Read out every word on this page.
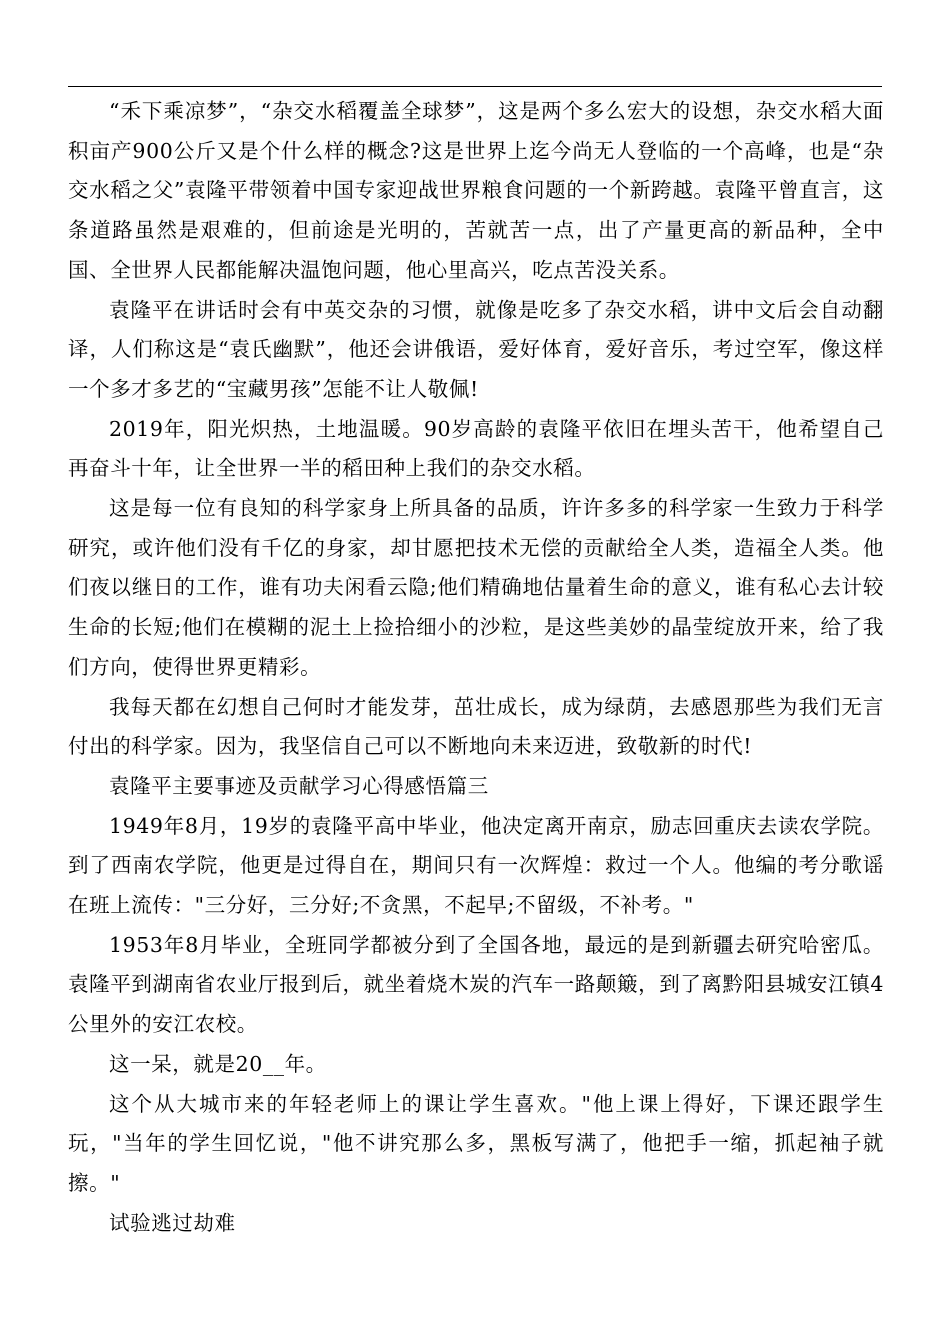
“禾下乘凉梦”，“杂交水稻覆盖全球梦”，这是两个多么宏大的设想，杂交水稻大面积亩产900公斤又是个什么样的概念?这是世界上迄今尚无人登临的一个高峰，也是“杂交水稻之父”袁隆平带领着中国专家迎战世界粮食问题的一个新跨越。袁隆平曾直言，这条道路虽然是艰难的，但前途是光明的，苦就苦一点，出了产量更高的新品种，全中国、全世界人民都能解决温饱问题，他心里高兴，吃点苦没关系。

袁隆平在讲话时会有中英交杂的习惯，就像是吃多了杂交水稻，讲中文后会自动翻译，人们称这是“袁氏幽默”，他还会讲俄语，爱好体育，爱好音乐，考过空军，像这样一个多才多艺的“宝藏男孩”怎能不让人敬佩!

2019年，阳光炽热，土地温暖。90岁高龄的袁隆平依旧在埋头苦干，他希望自己再奋斗十年，让全世界一半的稻田种上我们的杂交水稻。

这是每一位有良知的科学家身上所具备的品质，许许多多的科学家一生致力于科学研究，或许他们没有千亿的身家，却甘愿把技术无偿的贡献给全人类，造福全人类。他们夜以继日的工作，谁有功夫闲看云隐;他们精确地估量着生命的意义，谁有私心去计较生命的长短;他们在模糊的泥土上捡拾细小的沙粒，是这些美妙的晶莹绽放开来，给了我们方向，使得世界更精彩。

我每天都在幻想自己何时才能发芽，茁壮成长，成为绿荫，去感恩那些为我们无言付出的科学家。因为，我坚信自己可以不断地向未来迈进，致敬新的时代!

袁隆平主要事迹及贡献学习心得感悟篇三

1949年8月，19岁的袁隆平高中毕业，他决定离开南京，励志回重庆去读农学院。到了西南农学院，他更是过得自在，期间只有一次辉煌：救过一个人。他编的考分歌谣在班上流传："三分好，三分好;不贪黑，不起早;不留级，不补考。"

1953年8月毕业，全班同学都被分到了全国各地，最远的是到新疆去研究哈密瓜。袁隆平到湖南省农业厅报到后，就坐着烧木炭的汽车一路颠簸，到了离黔阳县城安江镇4公里外的安江农校。

这一呆，就是20__年。

这个从大城市来的年轻老师上的课让学生喜欢。"他上课上得好，下课还跟学生玩，"当年的学生回忆说，"他不讲究那么多，黑板写满了，他把手一缩，抓起袖子就擦。"

试验逃过劫难
